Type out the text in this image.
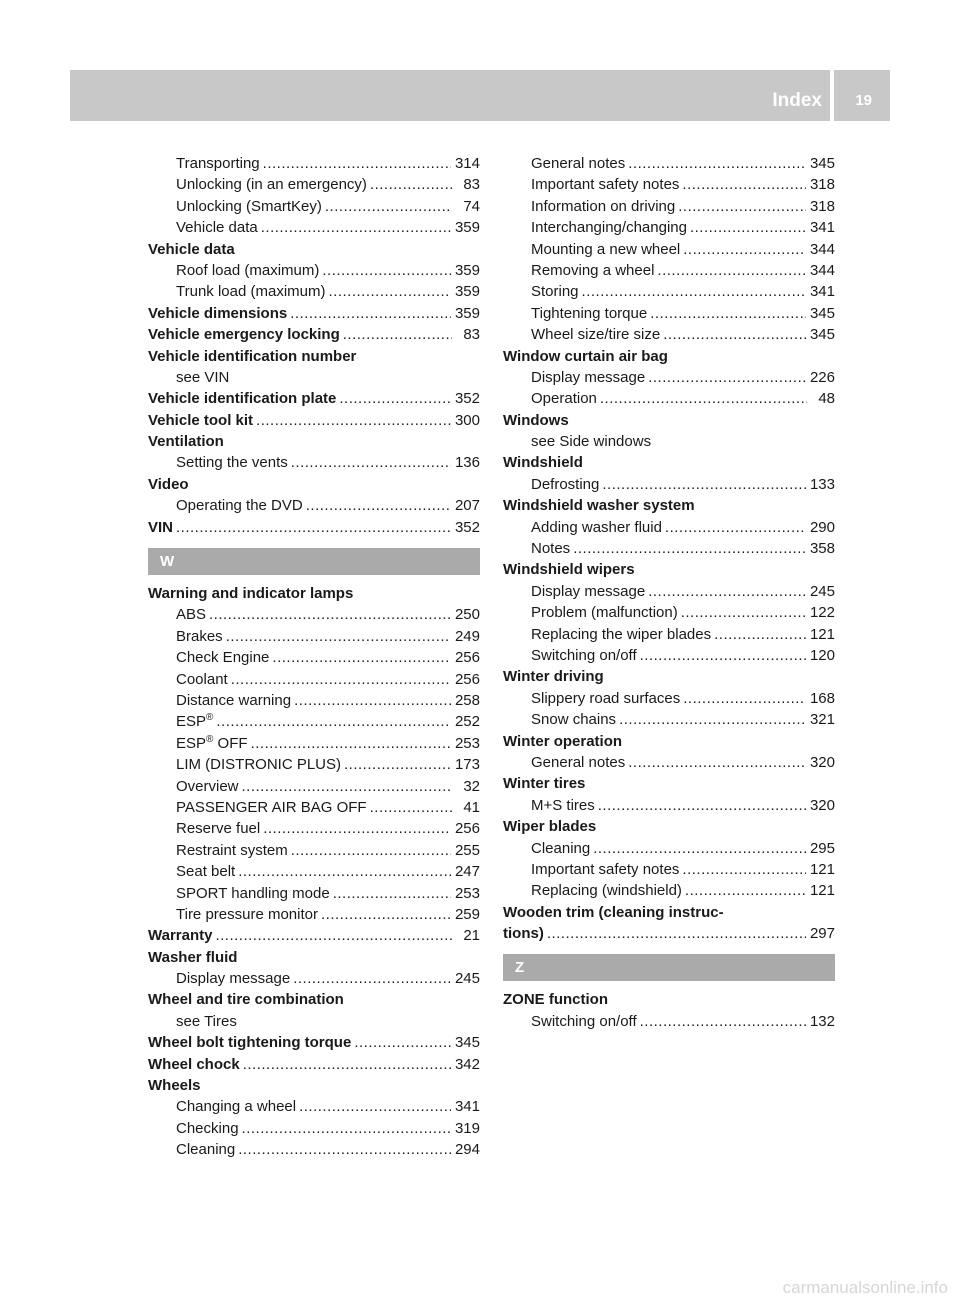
Index 19
Transporting .....	314
Unlocking (in an emergency) .....	83
Unlocking (SmartKey) .....	74
Vehicle data .....	359
Vehicle data
Roof load (maximum) .....	359
Trunk load (maximum) .....	359
Vehicle dimensions .....	359
Vehicle emergency locking .....	83
Vehicle identification number
see VIN
Vehicle identification plate .....	352
Vehicle tool kit .....	300
Ventilation
Setting the vents .....	136
Video
Operating the DVD .....	207
VIN .....	352
W
Warning and indicator lamps
ABS .....	250
Brakes .....	249
Check Engine .....	256
Coolant .....	256
Distance warning .....	258
ESP® .....	252
ESP® OFF .....	253
LIM (DISTRONIC PLUS) .....	173
Overview .....	32
PASSENGER AIR BAG OFF .....	41
Reserve fuel .....	256
Restraint system .....	255
Seat belt .....	247
SPORT handling mode .....	253
Tire pressure monitor .....	259
Warranty .....	21
Washer fluid
Display message .....	245
Wheel and tire combination
see Tires
Wheel bolt tightening torque .....	345
Wheel chock .....	342
Wheels
Changing a wheel .....	341
Checking .....	319
Cleaning .....	294
General notes .....	345
Important safety notes .....	318
Information on driving .....	318
Interchanging/changing .....	341
Mounting a new wheel .....	344
Removing a wheel .....	344
Storing .....	341
Tightening torque .....	345
Wheel size/tire size .....	345
Window curtain air bag
Display message .....	226
Operation .....	48
Windows
see Side windows
Windshield
Defrosting .....	133
Windshield washer system
Adding washer fluid .....	290
Notes .....	358
Windshield wipers
Display message .....	245
Problem (malfunction) .....	122
Replacing the wiper blades .....	121
Switching on/off .....	120
Winter driving
Slippery road surfaces .....	168
Snow chains .....	321
Winter operation
General notes .....	320
Winter tires
M+S tires .....	320
Wiper blades
Cleaning .....	295
Important safety notes .....	121
Replacing (windshield) .....	121
Wooden trim (cleaning instruc-
tions) .....	297
Z
ZONE function
Switching on/off .....	132
carmanualsonline.info
